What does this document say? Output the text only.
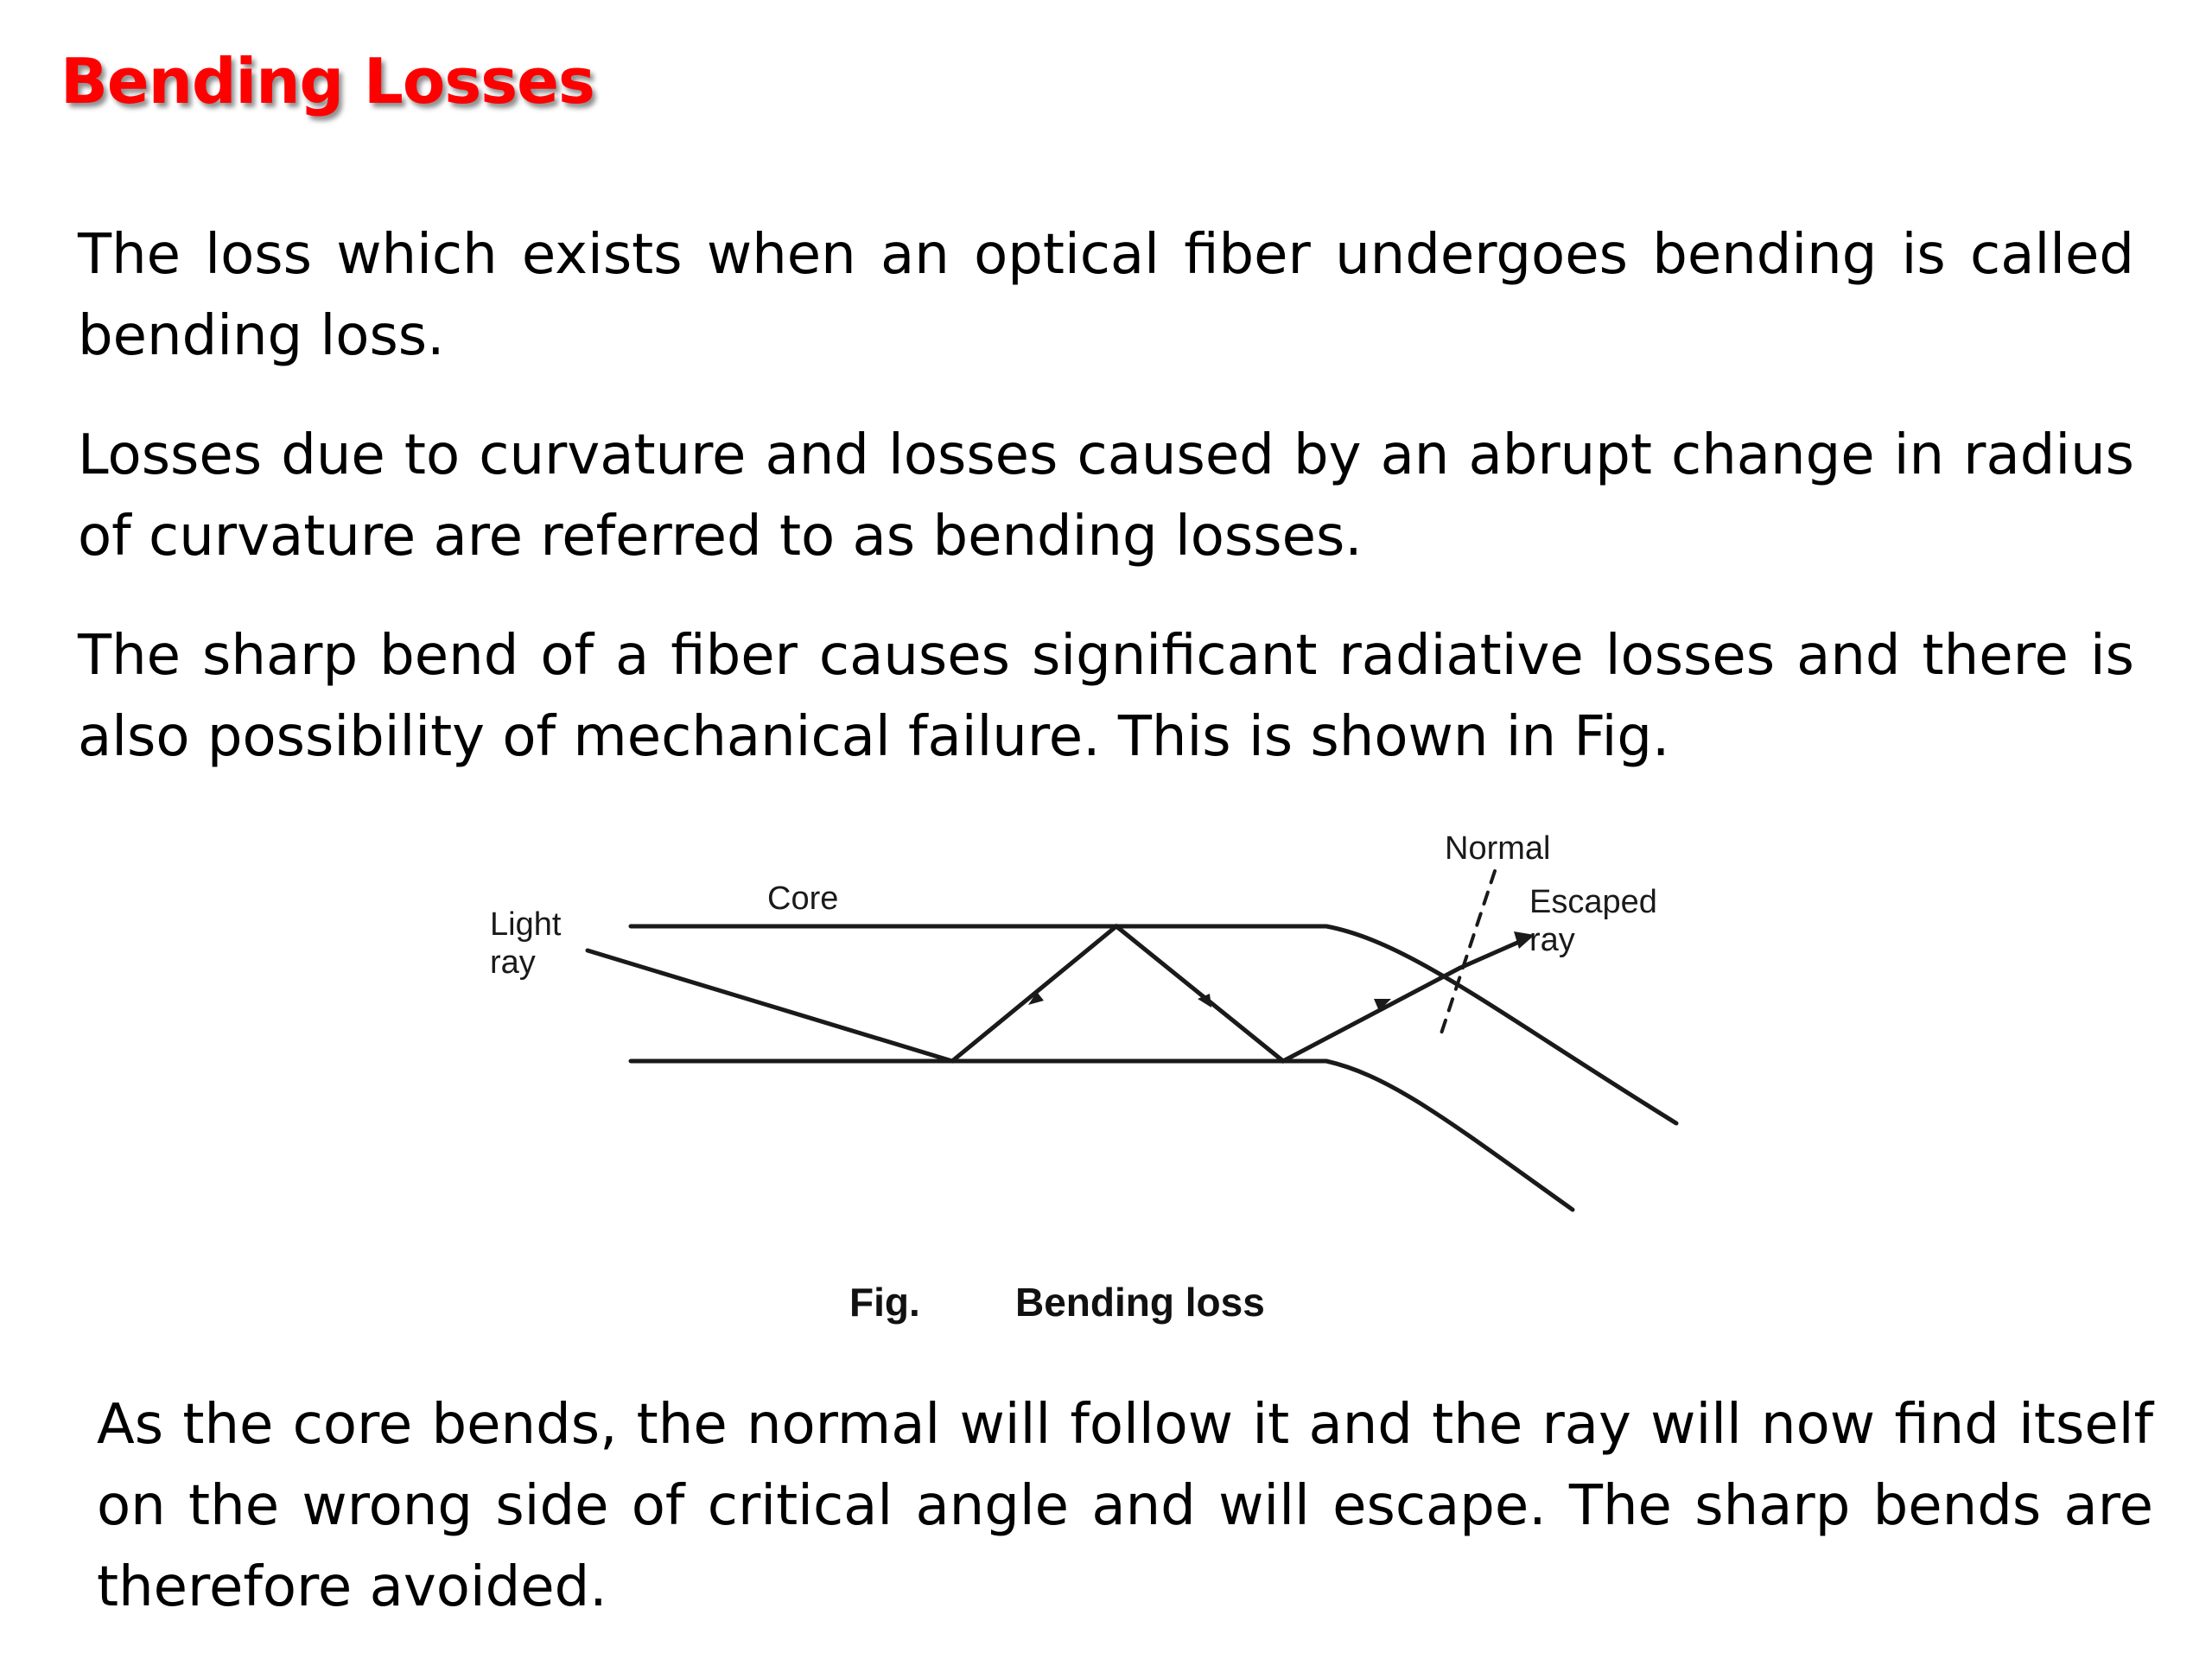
Bending Losses

The loss which exists when an optical fiber undergoes bending is called bending loss.

Losses due to curvature and losses caused by an abrupt change in radius of curvature are referred to as bending losses.

The sharp bend of a fiber causes significant radiative losses and there is also possibility of mechanical failure. This is shown in Fig.

Light
ray
Core
Normal
Escaped
ray
Fig. Bending loss

As the core bends, the normal will follow it and the ray will now find itself on the wrong side of critical angle and will escape. The sharp bends are therefore avoided.
